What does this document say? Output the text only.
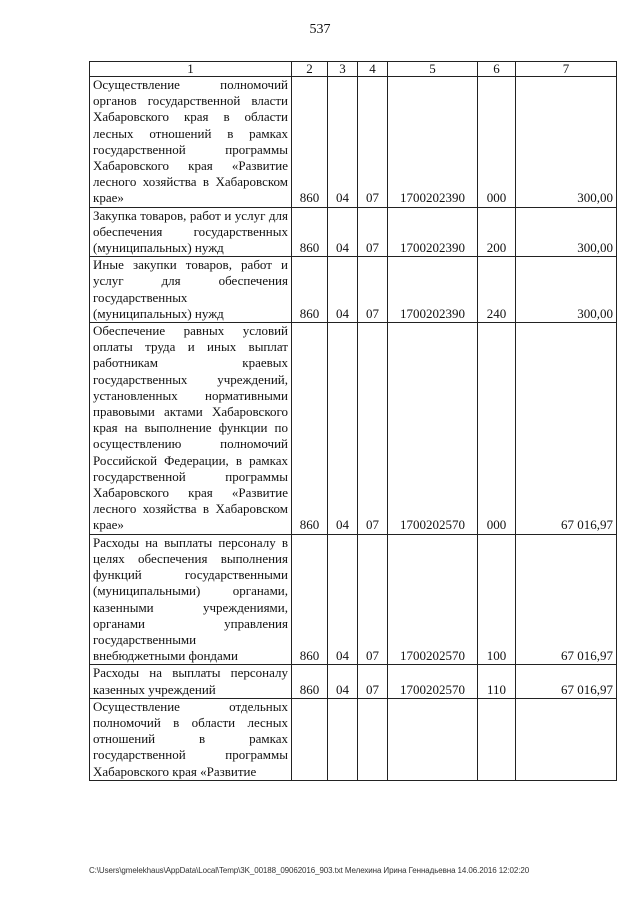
537
1	2	3	4	5	6	7

Осуществление полномочий органов государственной власти Хабаровского края в области лесных отношений в рамках государственной программы Хабаровского края «Развитие лесного хозяйства в Хабаровском крае»	860	04	07	1700202390	000	300,00

Закупка товаров, работ и услуг для обеспечения государственных (муниципальных) нужд	860	04	07	1700202390	200	300,00

Иные закупки товаров, работ и услуг для обеспечения государственных (муниципальных) нужд	860	04	07	1700202390	240	300,00

Обеспечение равных условий оплаты труда и иных выплат работникам краевых государственных учреждений, установленных нормативными правовыми актами Хабаровского края на выполнение функции по осуществлению полномочий Российской Федерации, в рамках государственной программы Хабаровского края «Развитие лесного хозяйства в Хабаровском крае»	860	04	07	1700202570	000	67 016,97

Расходы на выплаты персоналу в целях обеспечения выполнения функций государственными (муниципальными) органами, казенными учреждениями, органами управления государственными внебюджетными фондами	860	04	07	1700202570	100	67 016,97

Расходы на выплаты персоналу казенных учреждений	860	04	07	1700202570	110	67 016,97

Осуществление отдельных полномочий в области лесных отношений в рамках государственной программы Хабаровского края «Развитие						

C:\Users\gmelekhaus\AppData\Local\Temp\3K_00188_09062016_903.txt Мелехина Ирина Геннадьевна 14.06.2016 12:02:20
